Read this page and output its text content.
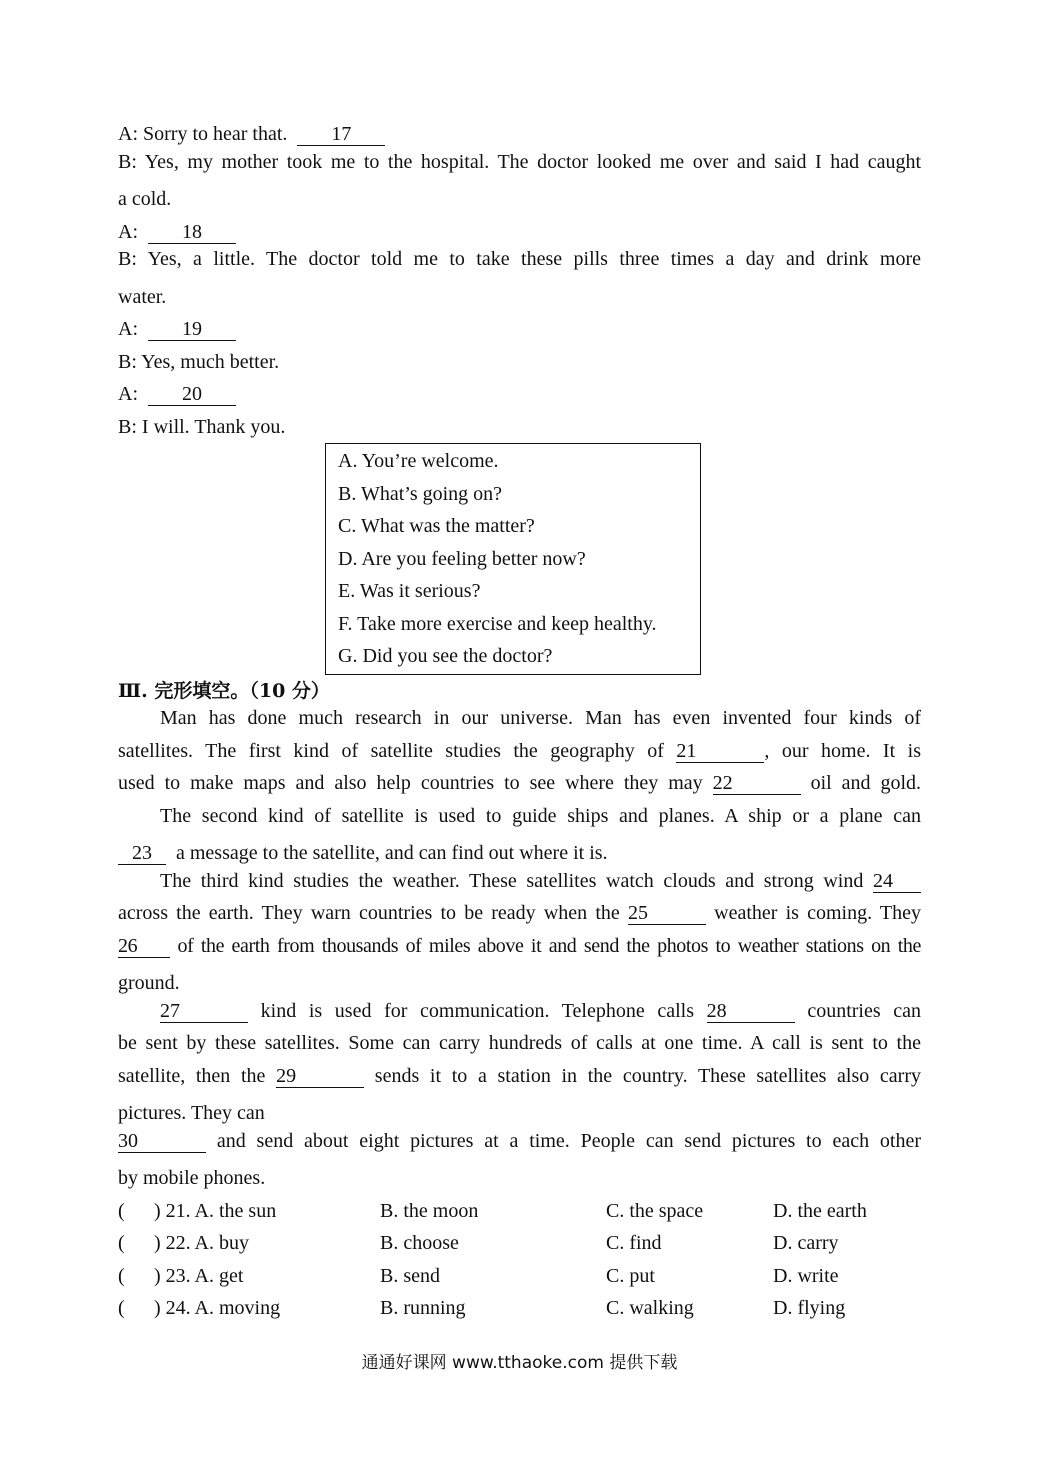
A: Sorry to hear that. 17
B: Yes, my mother took me to the hospital. The doctor looked me over and said I had caught
a cold.
A: 18
B: Yes, a little. The doctor told me to take these pills three times a day and drink more
water.
A: 19
B: Yes, much better.
A: 20
B: I will. Thank you.
A. You’re welcome.
B. What’s going on?
C. What was the matter?
D. Are you feeling better now?
E. Was it serious?
F. Take more exercise and keep healthy.
G. Did you see the doctor?
Ⅲ. 完形填空。（10 分）
Man has done much research in our universe. Man has even invented four kinds of
satellites. The first kind of satellite studies the geography of 21	, our home. It is
used to make maps and also help countries to see where they may 22	oil and gold.
The second kind of satellite is used to guide ships and planes. A ship or a plane can
23 a message to the satellite, and can find out where it is.
The third kind studies the weather. These satellites watch clouds and strong wind 24
across the earth. They warn countries to be ready when the 25	weather is coming. They
26 of the earth from thousands of miles above it and send the photos to weather stations on the
ground.
27	kind is used for communication. Telephone calls 28	countries can
be sent by these satellites. Some can carry hundreds of calls at one time. A call is sent to the
satellite, then the 29	sends it to a station in the country. These satellites also carry
pictures. They can
30	and send about eight pictures at a time. People can send pictures to each other
by mobile phones.
( ) 21. A. the sun	B. the moon	C. the space	D. the earth
( ) 22. A. buy	B. choose	C. find	D. carry
( ) 23. A. get	B. send	C. put	D. write
( ) 24. A. moving	B. running	C. walking	D. flying
通通好课网 www.tthaoke.com 提供下载
